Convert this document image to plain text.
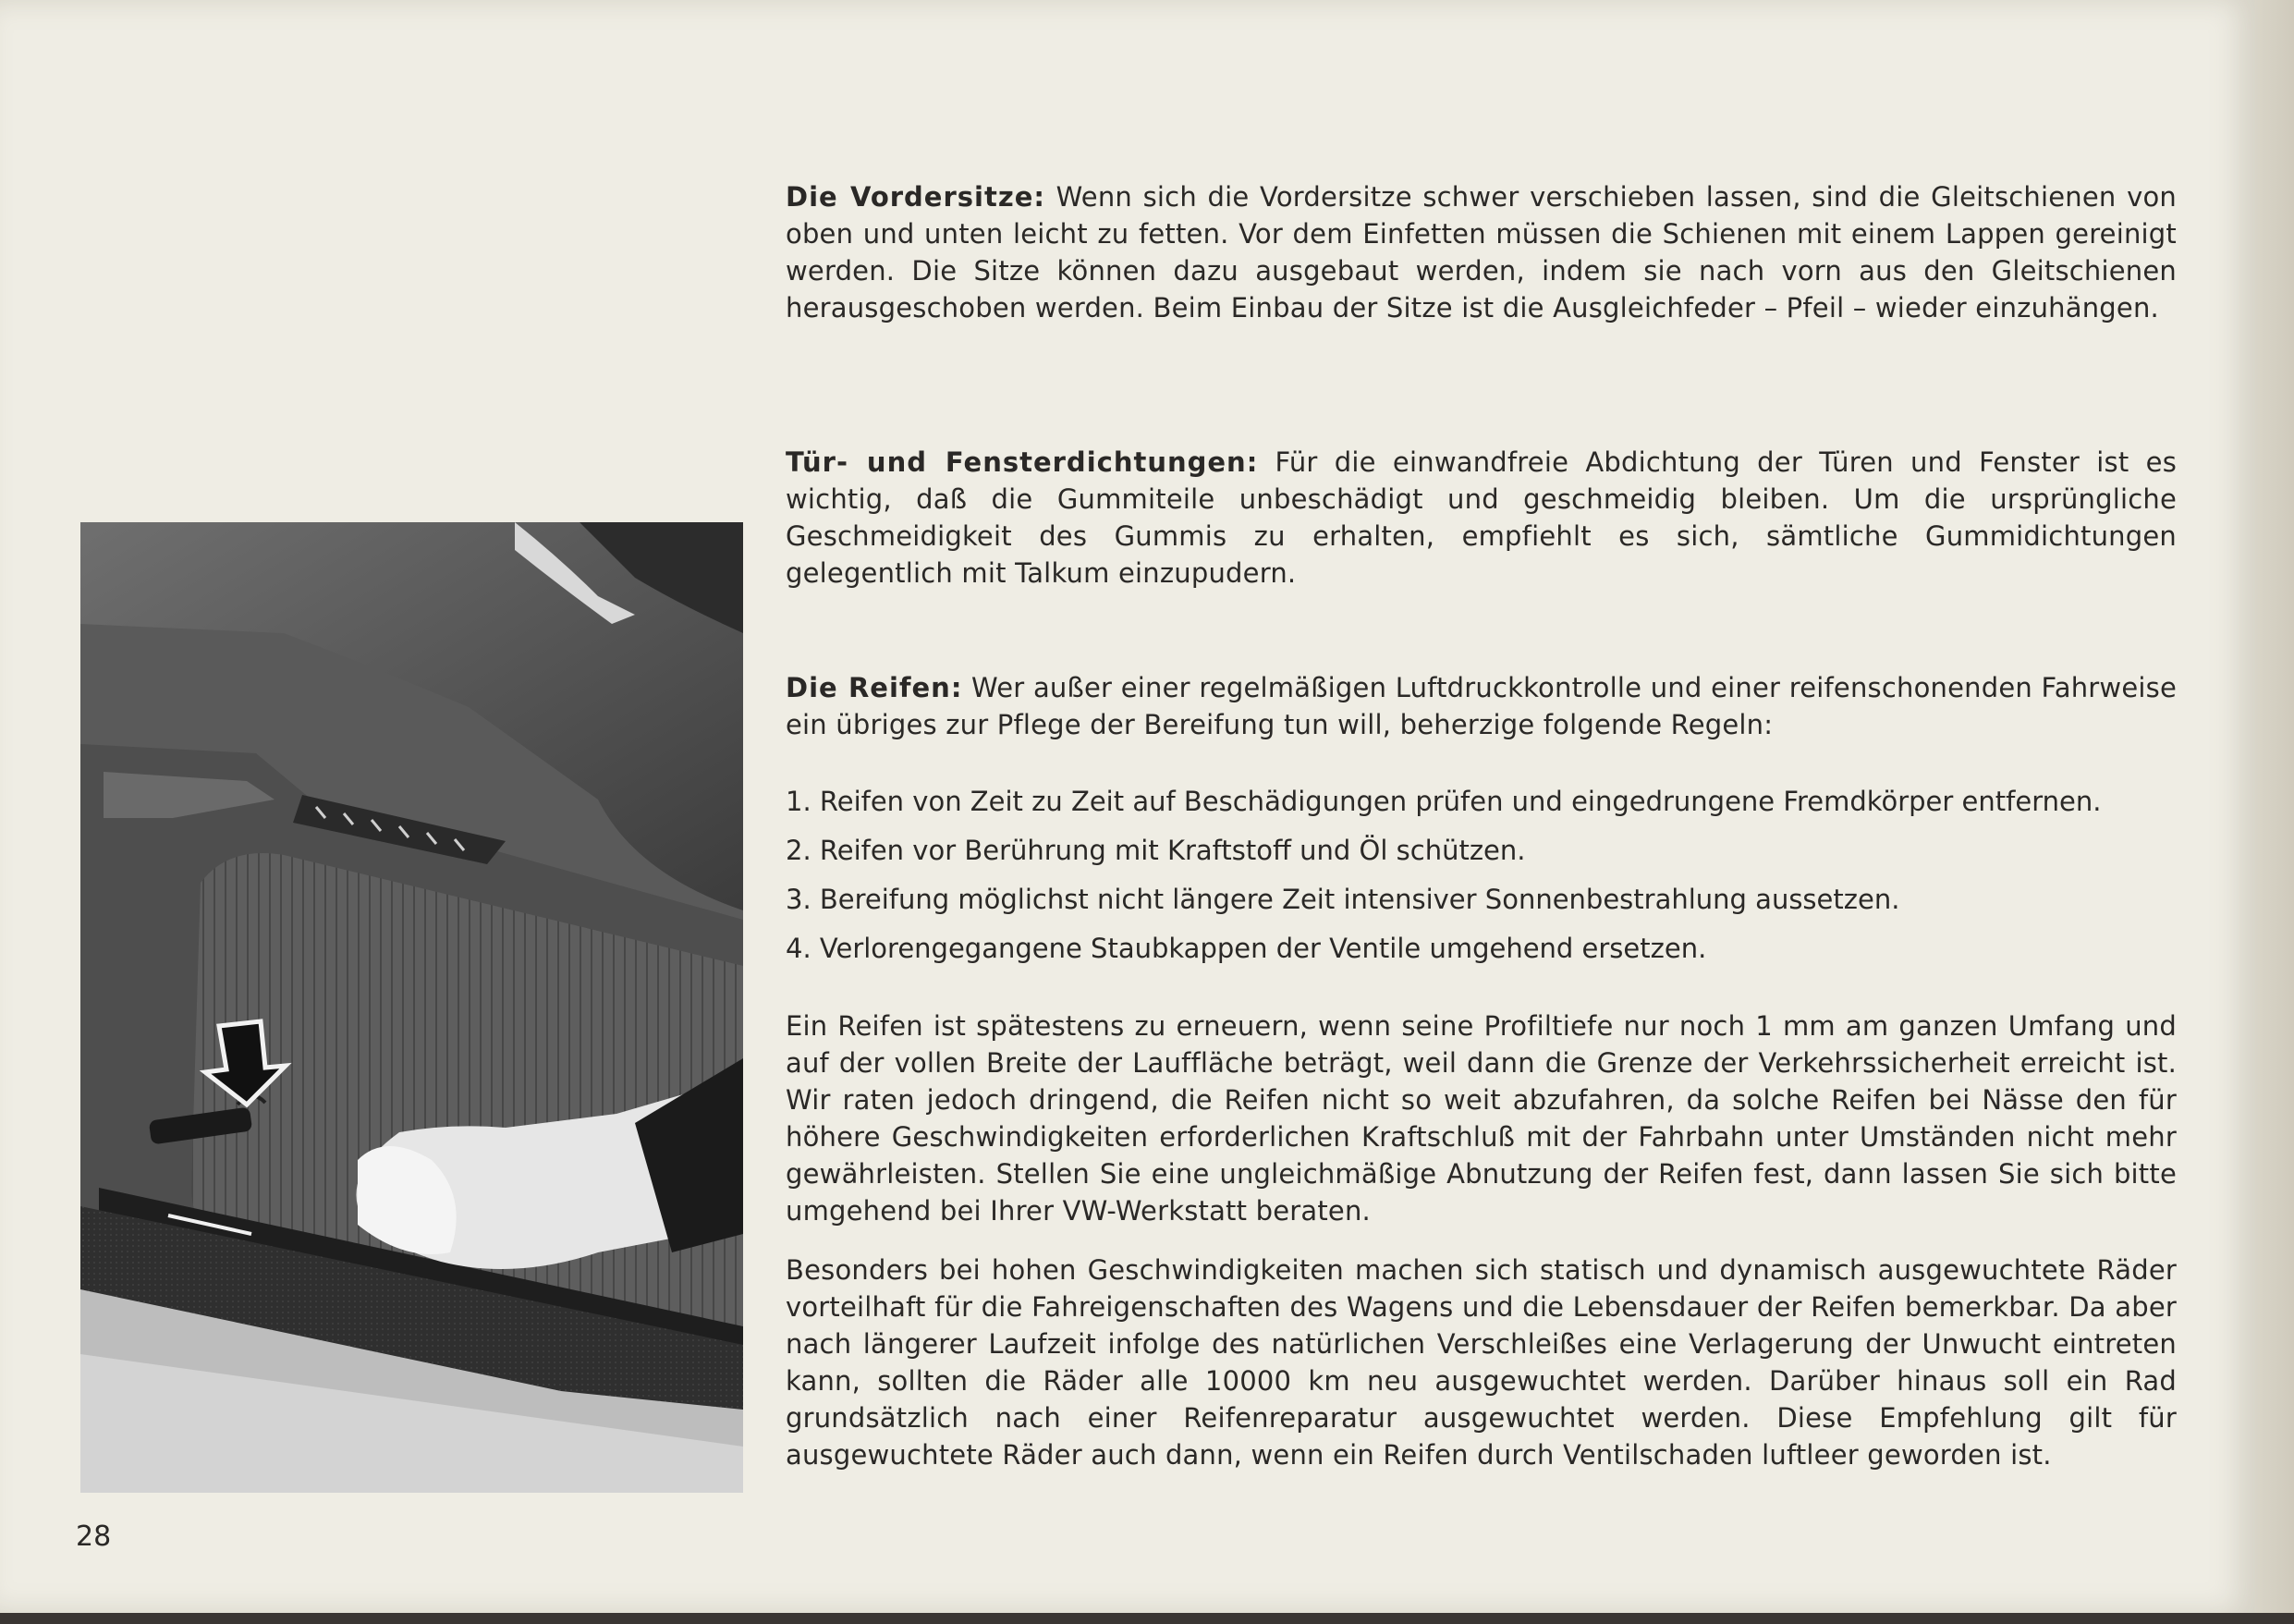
Die Vordersitze: Wenn sich die Vordersitze schwer verschieben lassen, sind die Gleitschienen von oben und unten leicht zu fetten. Vor dem Einfetten müssen die Schienen mit einem Lappen gereinigt werden. Die Sitze können dazu ausgebaut werden, indem sie nach vorn aus den Gleitschienen herausgeschoben werden. Beim Einbau der Sitze ist die Ausgleichfeder – Pfeil – wieder einzuhängen.

Tür- und Fensterdichtungen: Für die einwandfreie Abdichtung der Türen und Fenster ist es wichtig, daß die Gummiteile unbeschädigt und geschmeidig bleiben. Um die ursprüngliche Geschmeidigkeit des Gummis zu erhalten, empfiehlt es sich, sämtliche Gummidichtungen gelegentlich mit Talkum einzupudern.

Die Reifen: Wer außer einer regelmäßigen Luftdruckkontrolle und einer reifenschonenden Fahrweise ein übriges zur Pflege der Bereifung tun will, beherzige folgende Regeln:

1. Reifen von Zeit zu Zeit auf Beschädigungen prüfen und eingedrungene Fremdkörper entfernen.
2. Reifen vor Berührung mit Kraftstoff und Öl schützen.
3. Bereifung möglichst nicht längere Zeit intensiver Sonnenbestrahlung aussetzen.
4. Verlorengegangene Staubkappen der Ventile umgehend ersetzen.

Ein Reifen ist spätestens zu erneuern, wenn seine Profiltiefe nur noch 1 mm am ganzen Umfang und auf der vollen Breite der Lauffläche beträgt, weil dann die Grenze der Verkehrssicherheit erreicht ist. Wir raten jedoch dringend, die Reifen nicht so weit abzufahren, da solche Reifen bei Nässe den für höhere Geschwindigkeiten erforderlichen Kraftschluß mit der Fahrbahn unter Umständen nicht mehr gewährleisten. Stellen Sie eine ungleichmäßige Abnutzung der Reifen fest, dann lassen Sie sich bitte umgehend bei Ihrer VW-Werkstatt beraten.

Besonders bei hohen Geschwindigkeiten machen sich statisch und dynamisch ausgewuchtete Räder vorteilhaft für die Fahreigenschaften des Wagens und die Lebensdauer der Reifen bemerkbar. Da aber nach längerer Laufzeit infolge des natürlichen Verschleißes eine Verlagerung der Unwucht eintreten kann, sollten die Räder alle 10000 km neu ausgewuchtet werden. Darüber hinaus soll ein Rad grundsätzlich nach einer Reifenreparatur ausgewuchtet werden. Diese Empfehlung gilt für ausgewuchtete Räder auch dann, wenn ein Reifen durch Ventilschaden luftleer geworden ist.

28
